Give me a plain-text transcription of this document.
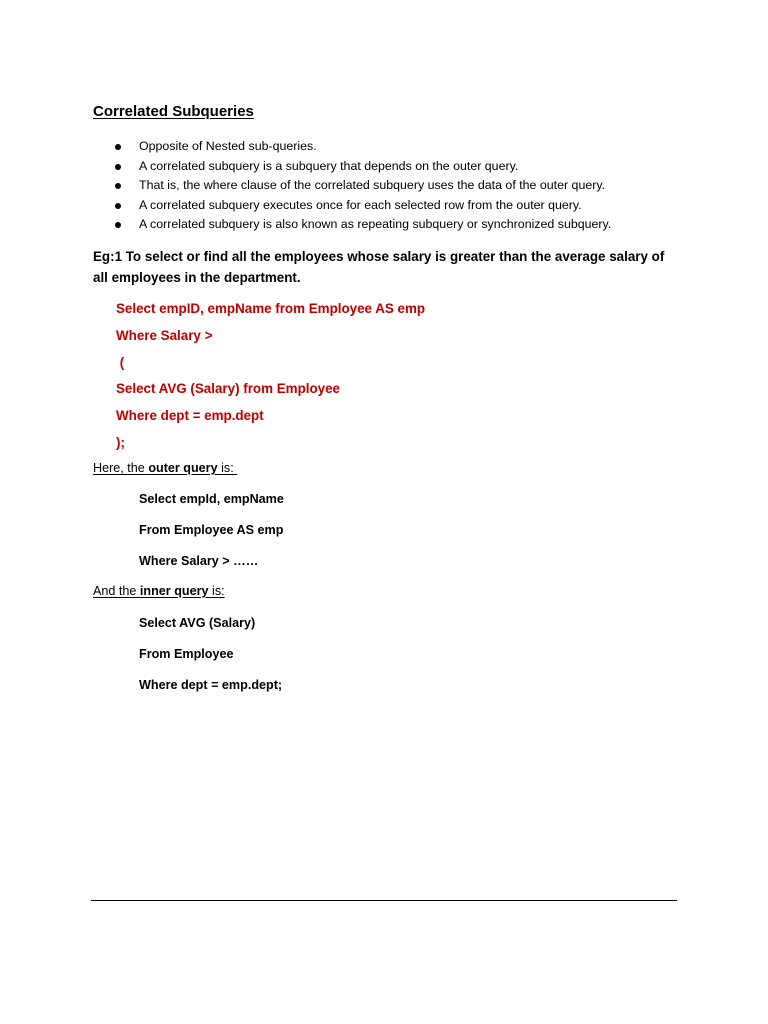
Correlated Subqueries
Opposite of Nested sub-queries.
A correlated subquery is a subquery that depends on the outer query.
That is, the where clause of the correlated subquery uses the data of the outer query.
A correlated subquery executes once for each selected row from the outer query.
A correlated subquery is also known as repeating subquery or synchronized subquery.
Eg:1 To select or find all the employees whose salary is greater than the average salary of all employees in the department.
Select empID, empName from Employee AS emp
Where Salary >
(
Select AVG (Salary) from Employee
Where dept = emp.dept
);
Here, the outer query is:
Select empId, empName
From Employee AS emp
Where Salary > ……
And the inner query is:
Select AVG (Salary)
From Employee
Where dept = emp.dept;
